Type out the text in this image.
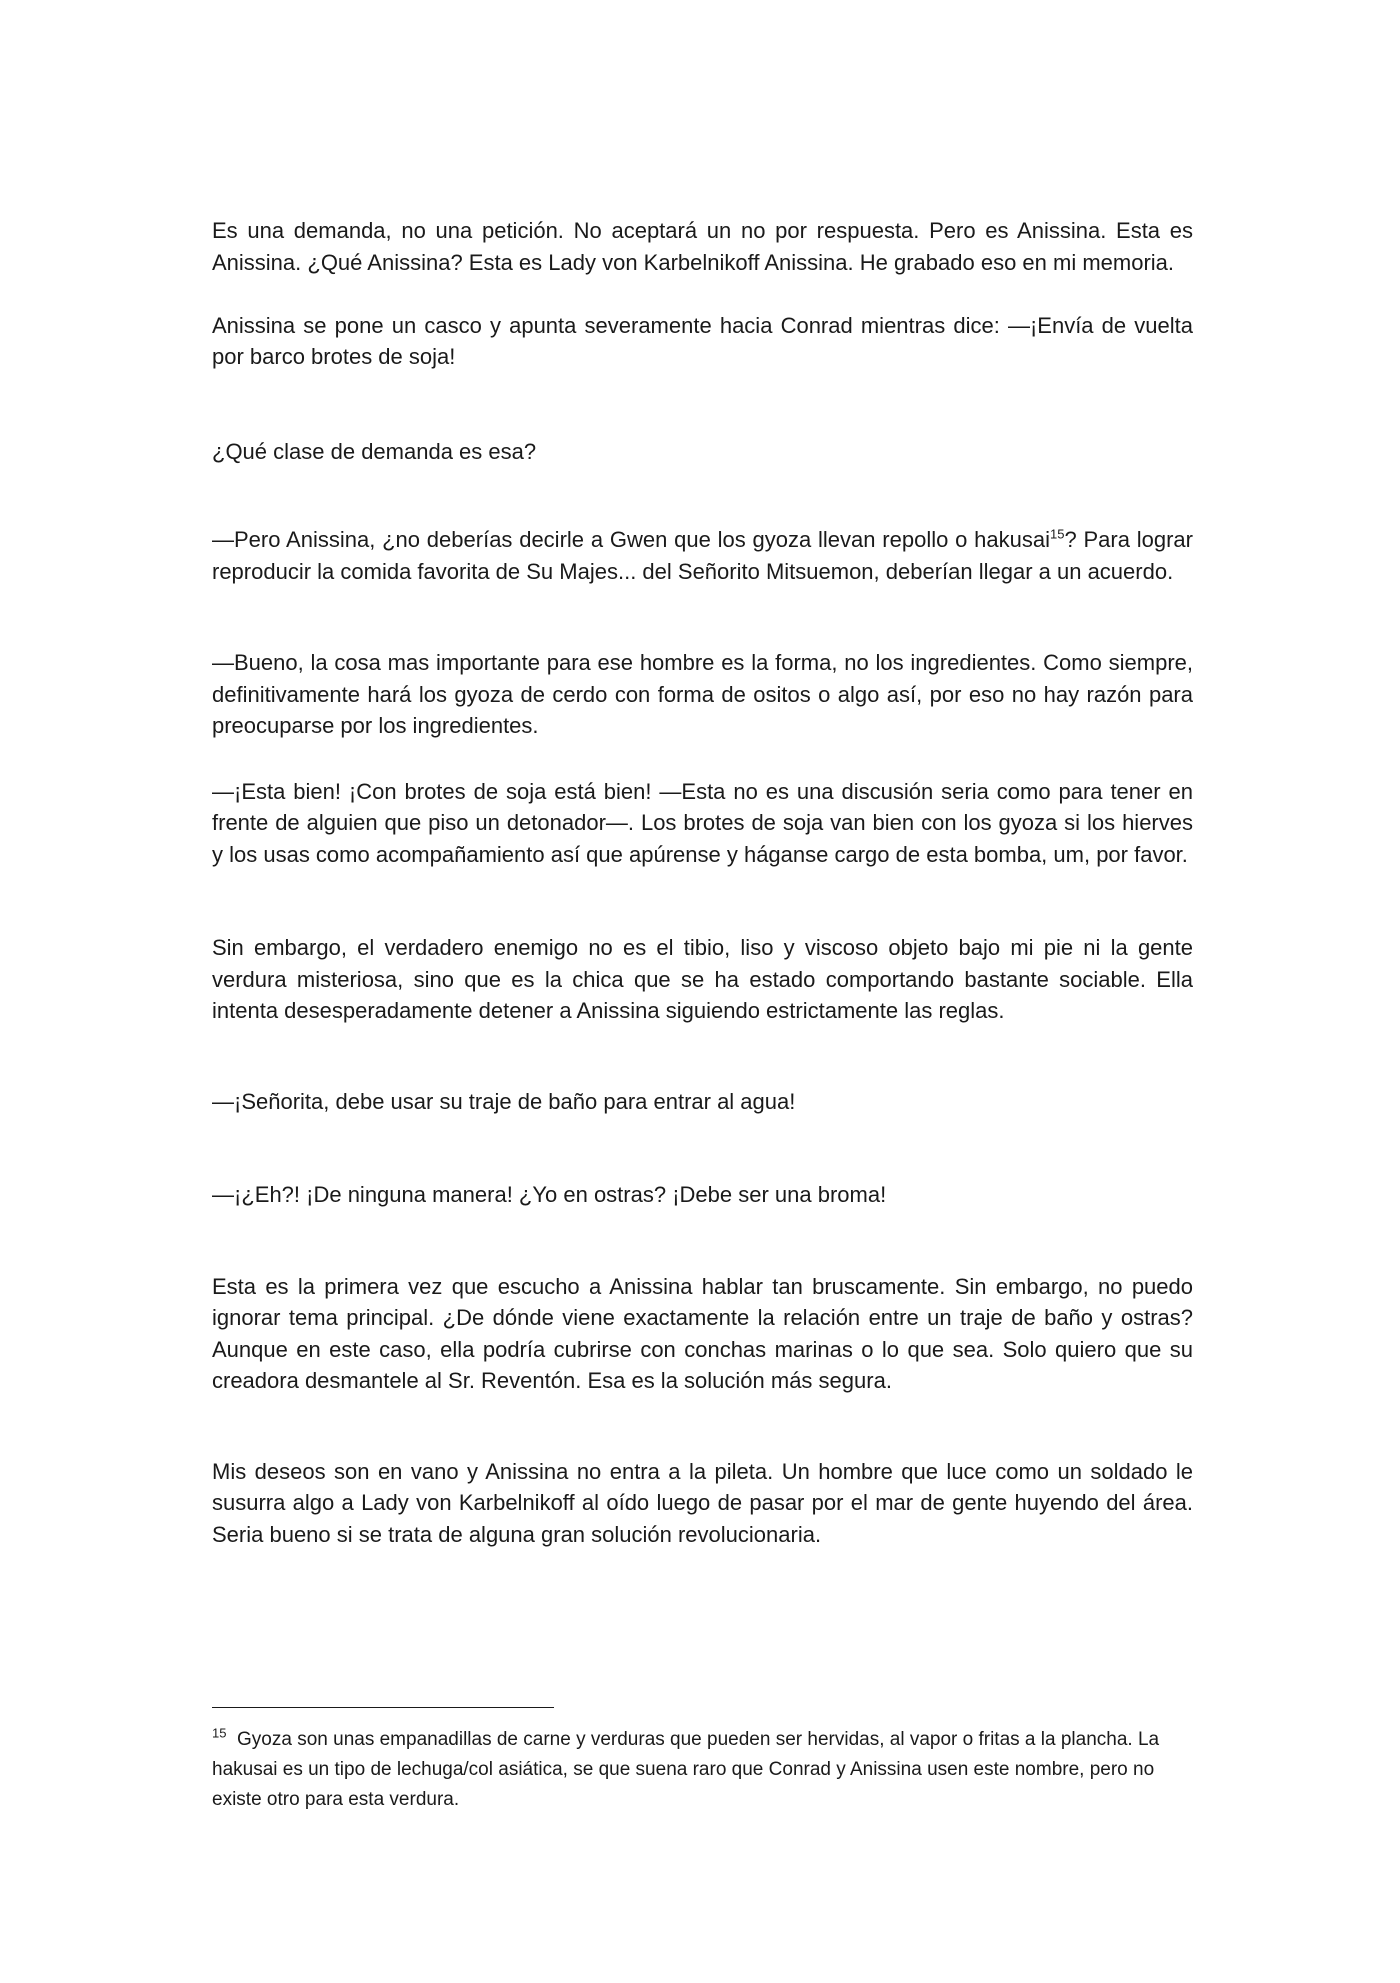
Es una demanda, no una petición. No aceptará un no por respuesta. Pero es Anissina. Esta es Anissina. ¿Qué Anissina? Esta es Lady von Karbelnikoff Anissina. He grabado eso en mi memoria.

Anissina se pone un casco y apunta severamente hacia Conrad mientras dice: —¡Envía de vuelta por barco brotes de soja!

¿Qué clase de demanda es esa?

—Pero Anissina, ¿no deberías decirle a Gwen que los gyoza llevan repollo o hakusai$^{15}$? Para lograr reproducir la comida favorita de Su Majes... del Señorito Mitsuemon, deberían llegar a un acuerdo.

—Bueno, la cosa mas importante para ese hombre es la forma, no los ingredientes. Como siempre, definitivamente hará los gyoza de cerdo con forma de ositos o algo así, por eso no hay razón para preocuparse por los ingredientes.

—¡Esta bien! ¡Con brotes de soja está bien! —Esta no es una discusión seria como para tener en frente de alguien que piso un detonador—. Los brotes de soja van bien con los gyoza si los hierves y los usas como acompañamiento así que apúrense y háganse cargo de esta bomba, um, por favor.

Sin embargo, el verdadero enemigo no es el tibio, liso y viscoso objeto bajo mi pie ni la gente verdura misteriosa, sino que es la chica que se ha estado comportando bastante sociable. Ella intenta desesperadamente detener a Anissina siguiendo estrictamente las reglas.

—¡Señorita, debe usar su traje de baño para entrar al agua!

—¡¿Eh?! ¡De ninguna manera! ¿Yo en ostras? ¡Debe ser una broma!

Esta es la primera vez que escucho a Anissina hablar tan bruscamente. Sin embargo, no puedo ignorar tema principal. ¿De dónde viene exactamente la relación entre un traje de baño y ostras? Aunque en este caso, ella podría cubrirse con conchas marinas o lo que sea. Solo quiero que su creadora desmantele al Sr. Reventón. Esa es la solución más segura.

Mis deseos son en vano y Anissina no entra a la pileta. Un hombre que luce como un soldado le susurra algo a Lady von Karbelnikoff al oído luego de pasar por el mar de gente huyendo del área. Seria bueno si se trata de alguna gran solución revolucionaria.

$^{15}$ Gyoza son unas empanadillas de carne y verduras que pueden ser hervidas, al vapor o fritas a la plancha. La hakusai es un tipo de lechuga/col asiática, se que suena raro que Conrad y Anissina usen este nombre, pero no existe otro para esta verdura.
